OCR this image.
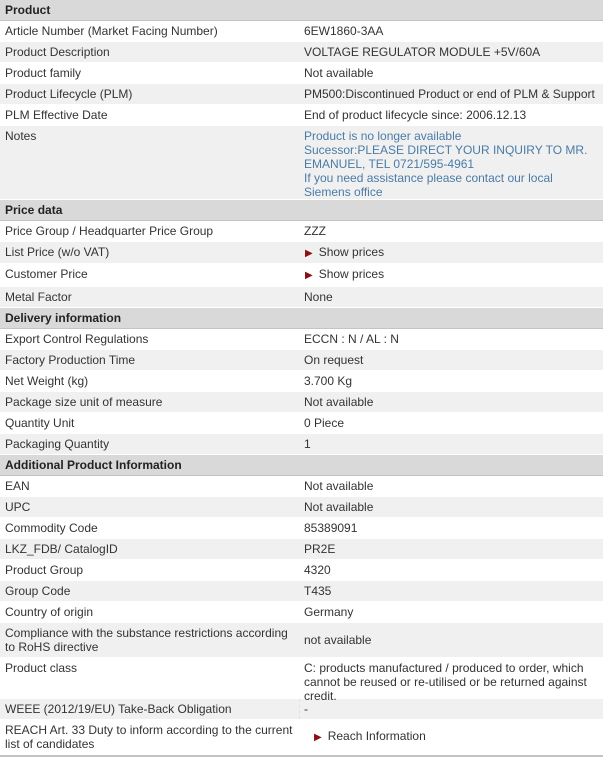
Product
Article Number (Market Facing Number)	6EW1860-3AA
Product Description	VOLTAGE REGULATOR MODULE +5V/60A
Product family	Not available
Product Lifecycle (PLM)	PM500:Discontinued Product or end of PLM & Support
PLM Effective Date	End of product lifecycle since: 2006.12.13
Notes	Product is no longer available
Sucessor:PLEASE DIRECT YOUR INQUIRY TO MR. EMANUEL, TEL 0721/595-4961
If you need assistance please contact our local Siemens office
Price data
Price Group / Headquarter Price Group	ZZZ
List Price (w/o VAT)	▶ Show prices
Customer Price	▶ Show prices
Metal Factor	None
Delivery information
Export Control Regulations	ECCN : N / AL : N
Factory Production Time	On request
Net Weight (kg)	3.700 Kg
Package size unit of measure	Not available
Quantity Unit	0 Piece
Packaging Quantity	1
Additional Product Information
EAN	Not available
UPC	Not available
Commodity Code	85389091
LKZ_FDB/ CatalogID	PR2E
Product Group	4320
Group Code	T435
Country of origin	Germany
Compliance with the substance restrictions according to RoHS directive	not available
Product class	C: products manufactured / produced to order, which cannot be reused or re-utilised or be returned against credit.
WEEE (2012/19/EU) Take-Back Obligation	-
REACH Art. 33 Duty to inform according to the current list of candidates	▶ Reach Information
